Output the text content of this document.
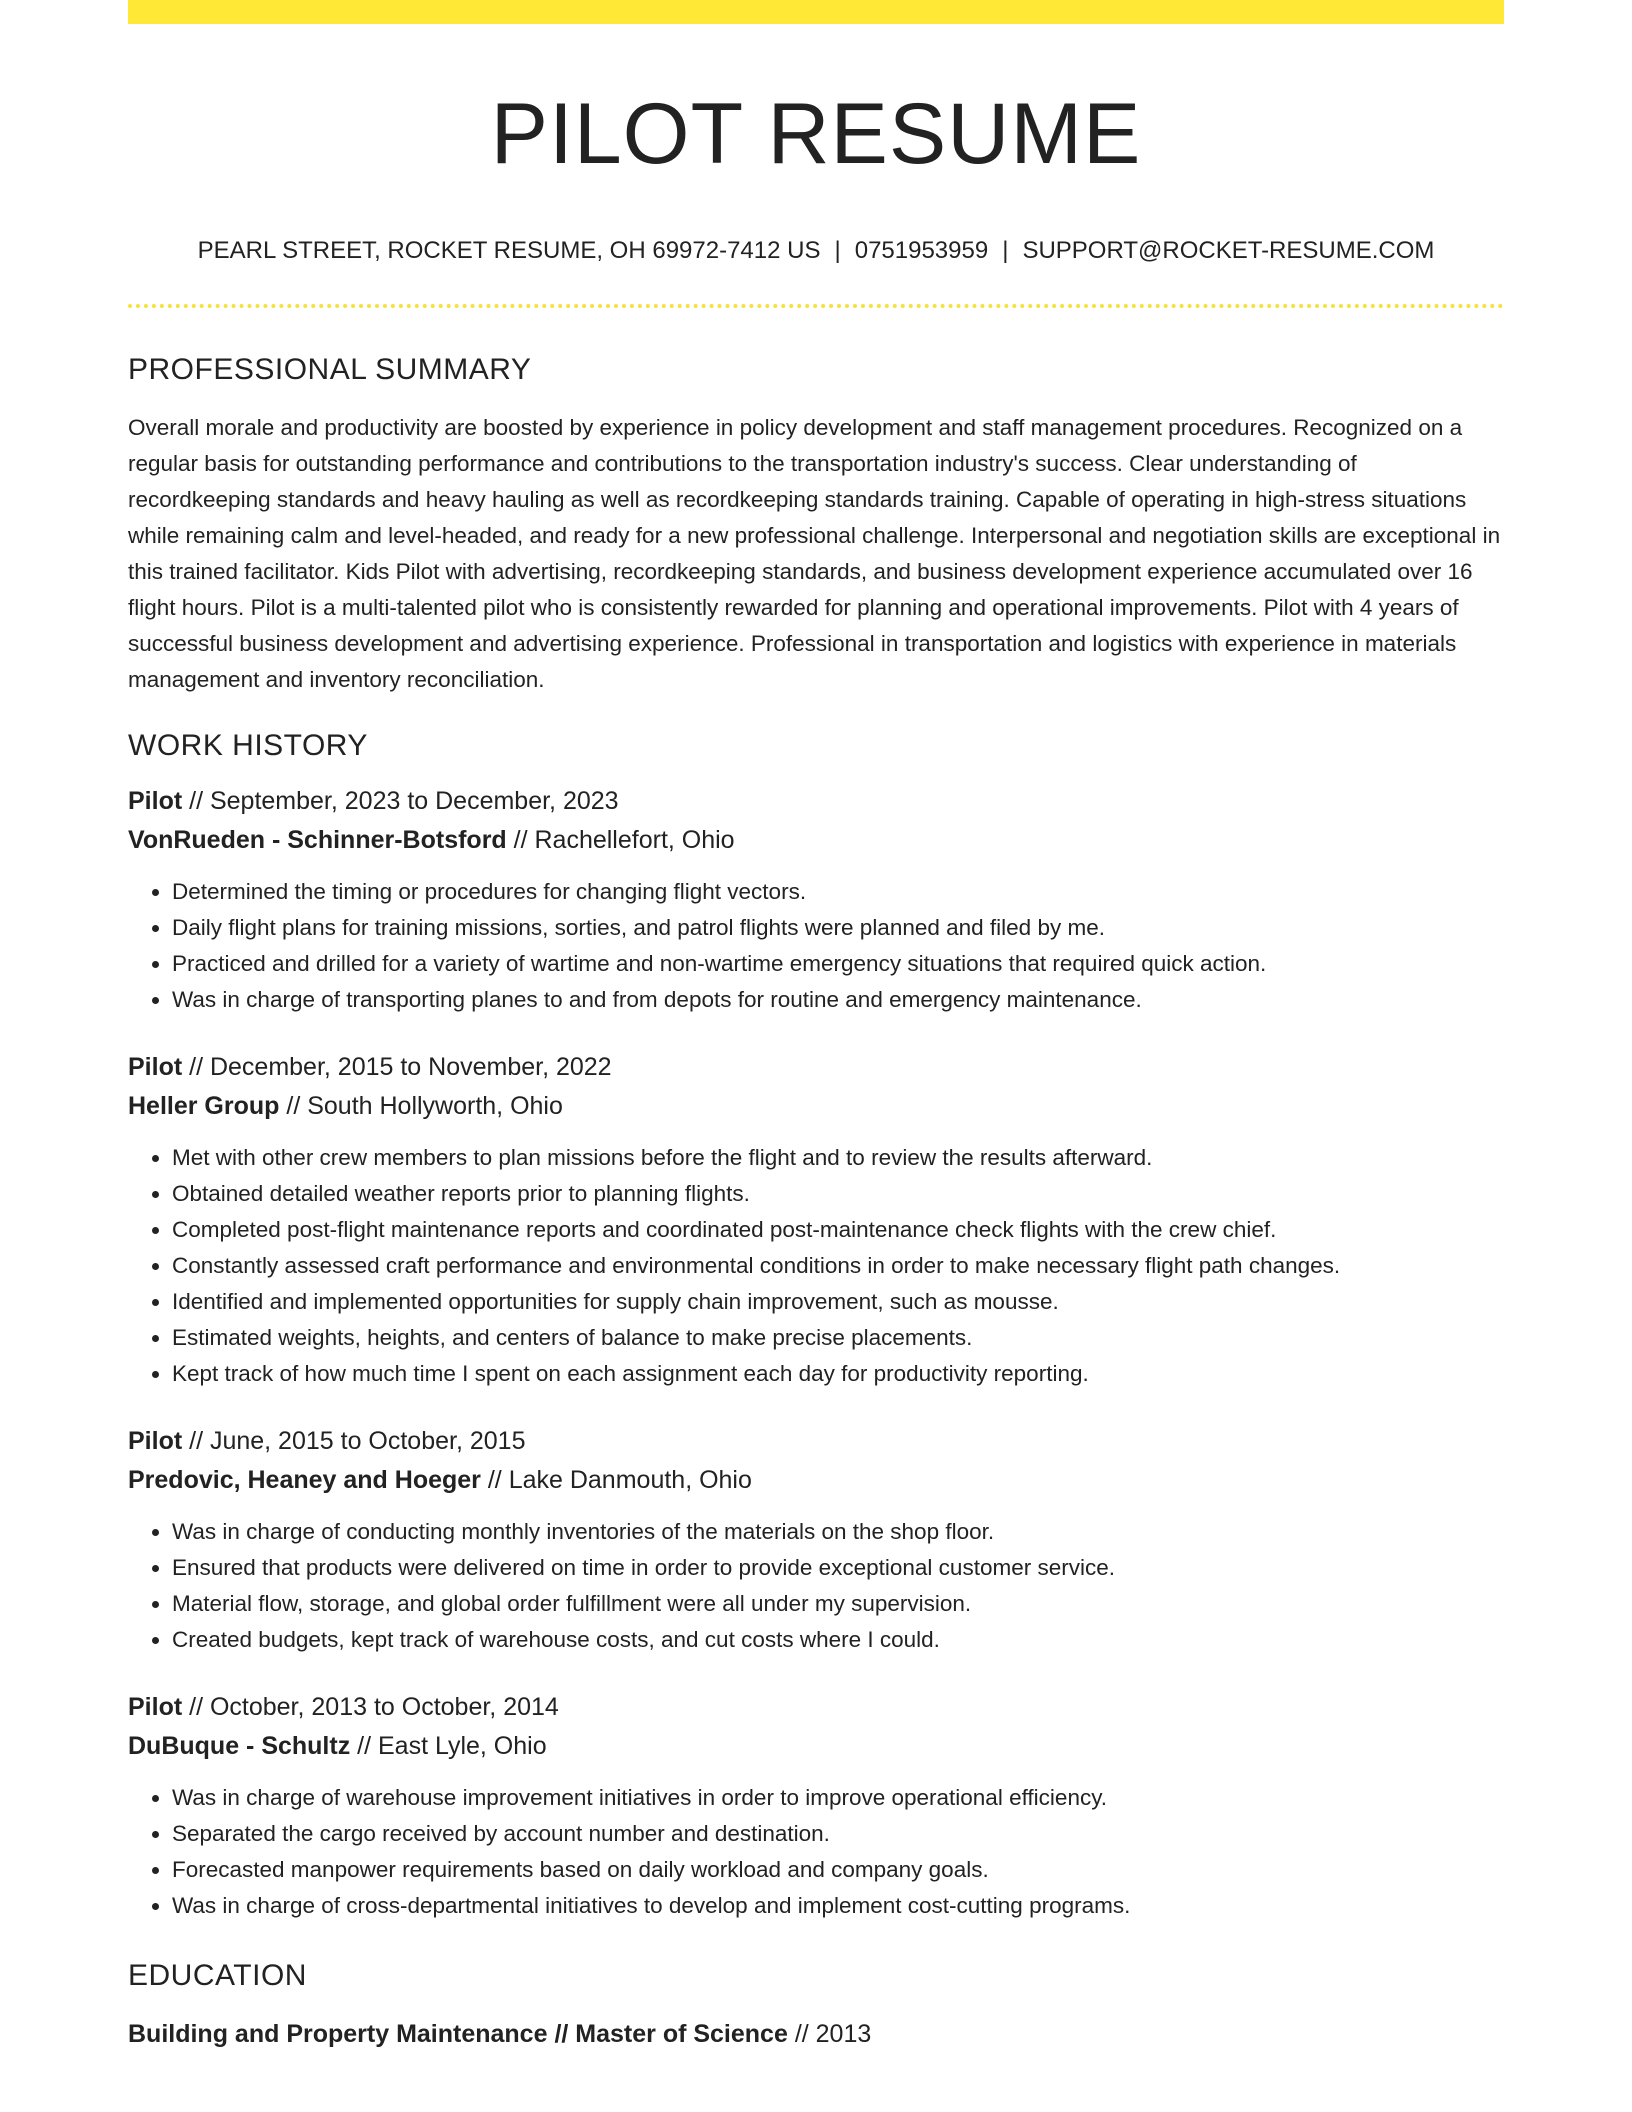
PILOT RESUME
PEARL STREET, ROCKET RESUME, OH 69972-7412 US | 0751953959 | SUPPORT@ROCKET-RESUME.COM
PROFESSIONAL SUMMARY
Overall morale and productivity are boosted by experience in policy development and staff management procedures. Recognized on a regular basis for outstanding performance and contributions to the transportation industry's success. Clear understanding of recordkeeping standards and heavy hauling as well as recordkeeping standards training. Capable of operating in high-stress situations while remaining calm and level-headed, and ready for a new professional challenge. Interpersonal and negotiation skills are exceptional in this trained facilitator. Kids Pilot with advertising, recordkeeping standards, and business development experience accumulated over 16 flight hours. Pilot is a multi-talented pilot who is consistently rewarded for planning and operational improvements. Pilot with 4 years of successful business development and advertising experience. Professional in transportation and logistics with experience in materials management and inventory reconciliation.
WORK HISTORY
Pilot // September, 2023 to December, 2023
VonRueden - Schinner-Botsford // Rachellefort, Ohio
• Determined the timing or procedures for changing flight vectors.
• Daily flight plans for training missions, sorties, and patrol flights were planned and filed by me.
• Practiced and drilled for a variety of wartime and non-wartime emergency situations that required quick action.
• Was in charge of transporting planes to and from depots for routine and emergency maintenance.
Pilot // December, 2015 to November, 2022
Heller Group // South Hollyworth, Ohio
• Met with other crew members to plan missions before the flight and to review the results afterward.
• Obtained detailed weather reports prior to planning flights.
• Completed post-flight maintenance reports and coordinated post-maintenance check flights with the crew chief.
• Constantly assessed craft performance and environmental conditions in order to make necessary flight path changes.
• Identified and implemented opportunities for supply chain improvement, such as mousse.
• Estimated weights, heights, and centers of balance to make precise placements.
• Kept track of how much time I spent on each assignment each day for productivity reporting.
Pilot // June, 2015 to October, 2015
Predovic, Heaney and Hoeger // Lake Danmouth, Ohio
• Was in charge of conducting monthly inventories of the materials on the shop floor.
• Ensured that products were delivered on time in order to provide exceptional customer service.
• Material flow, storage, and global order fulfillment were all under my supervision.
• Created budgets, kept track of warehouse costs, and cut costs where I could.
Pilot // October, 2013 to October, 2014
DuBuque - Schultz // East Lyle, Ohio
• Was in charge of warehouse improvement initiatives in order to improve operational efficiency.
• Separated the cargo received by account number and destination.
• Forecasted manpower requirements based on daily workload and company goals.
• Was in charge of cross-departmental initiatives to develop and implement cost-cutting programs.
EDUCATION
Building and Property Maintenance // Master of Science // 2013
